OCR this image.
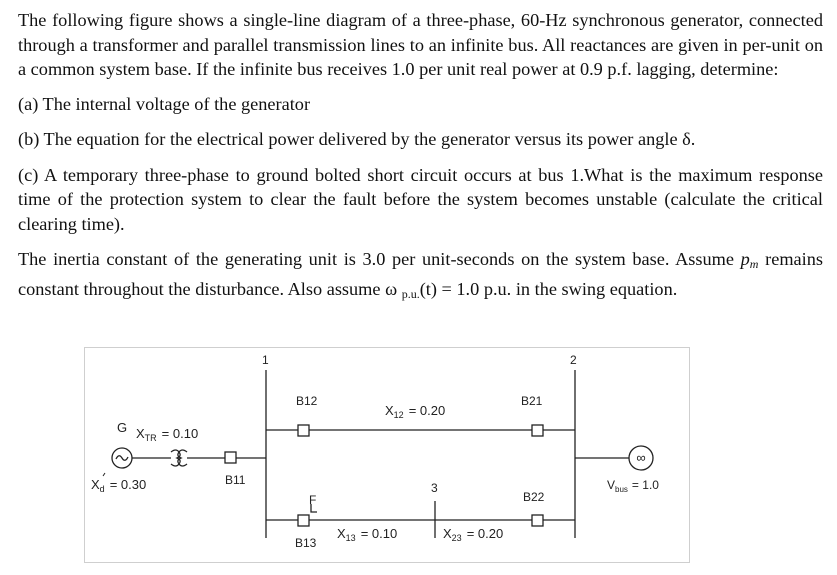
The following figure shows a single-line diagram of a three-phase, 60-Hz synchronous generator, connected through a transformer and parallel transmission lines to an infinite bus. All reactances are given in per-unit on a common system base. If the infinite bus receives 1.0 per unit real power at 0.9 p.f. lagging, determine:

(a) The internal voltage of the generator

(b) The equation for the electrical power delivered by the generator versus its power angle δ.

(c) A temporary three-phase to ground bolted short circuit occurs at bus 1.What is the maximum response time of the protection system to clear the fault before the system becomes unstable (calculate the critical clearing time).

The inertia constant of the generating unit is 3.0 per unit-seconds on the system base. Assume $p_m$ remains constant throughout the disturbance. Also assume ω $_{p.u.}$(t) = 1.0 p.u. in the swing equation.

1	2
3
G $X_{TR} = 0.10$
$X_d = 0.30$	B11
B12
$X_{12} = 0.20$
B21
F
B13
$X_{13} = 0.10$	$X_{23} = 0.20$
B22
∞
$V_{bus} = 1.0$
